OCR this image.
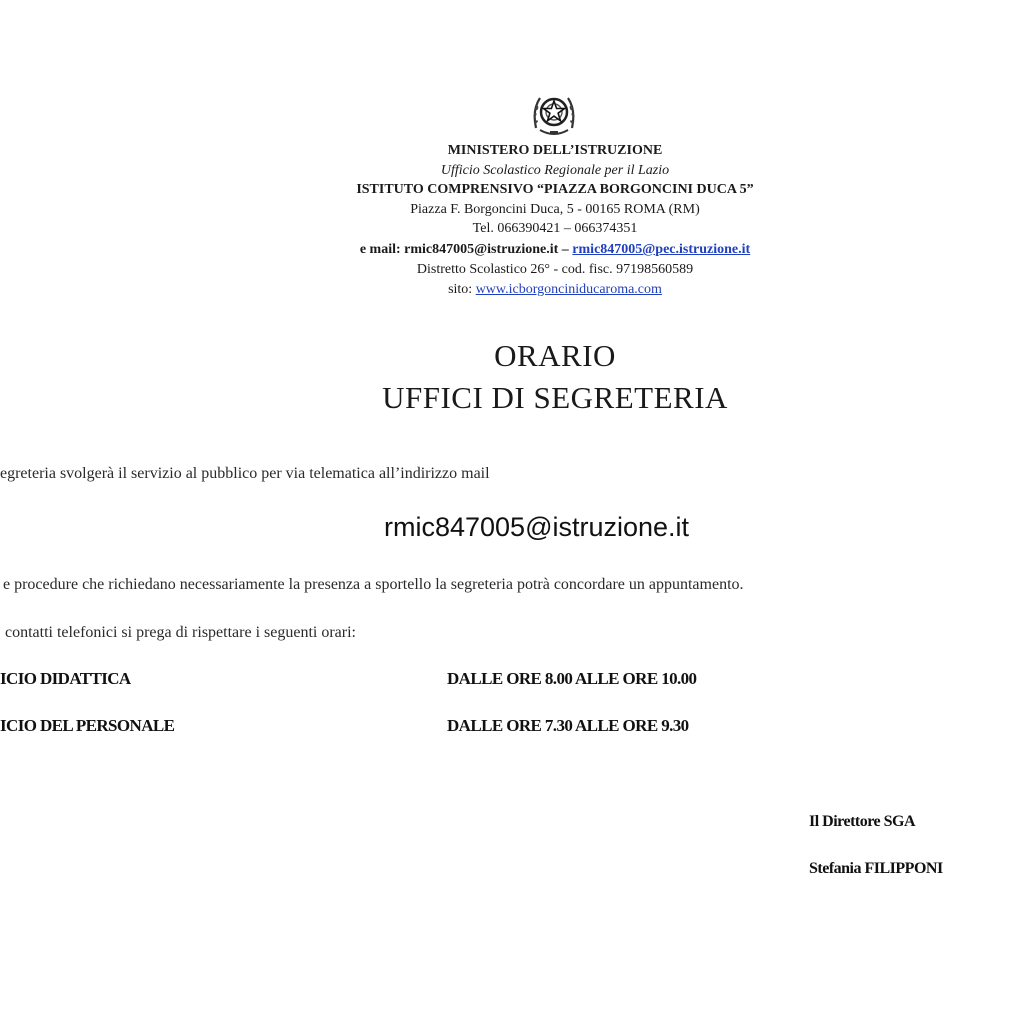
MINISTERO DELL’ISTRUZIONE
Ufficio Scolastico Regionale per il Lazio
ISTITUTO COMPRENSIVO “PIAZZA BORGONCINI DUCA 5”
Piazza F. Borgoncini Duca, 5 - 00165 ROMA (RM)
Tel. 066390421 – 066374351
e mail: rmic847005@istruzione.it – rmic847005@pec.istruzione.it
Distretto Scolastico 26° - cod. fisc. 97198560589
sito: www.icborgonciniducaroma.com
ORARIO
UFFICI DI SEGRETERIA
egreteria svolgerà il servizio al pubblico per via telematica all’indirizzo mail
rmic847005@istruzione.it
e procedure che richiedano necessariamente la presenza a sportello la segreteria potrà concordare un appuntamento.
contatti telefonici si prega di rispettare i seguenti orari:
ICIO DIDATTICA	DALLE ORE 8.00 ALLE ORE 10.00
ICIO DEL PERSONALE	DALLE ORE 7.30 ALLE ORE 9.30
Il Direttore SGA
Stefania FILIPPONI
